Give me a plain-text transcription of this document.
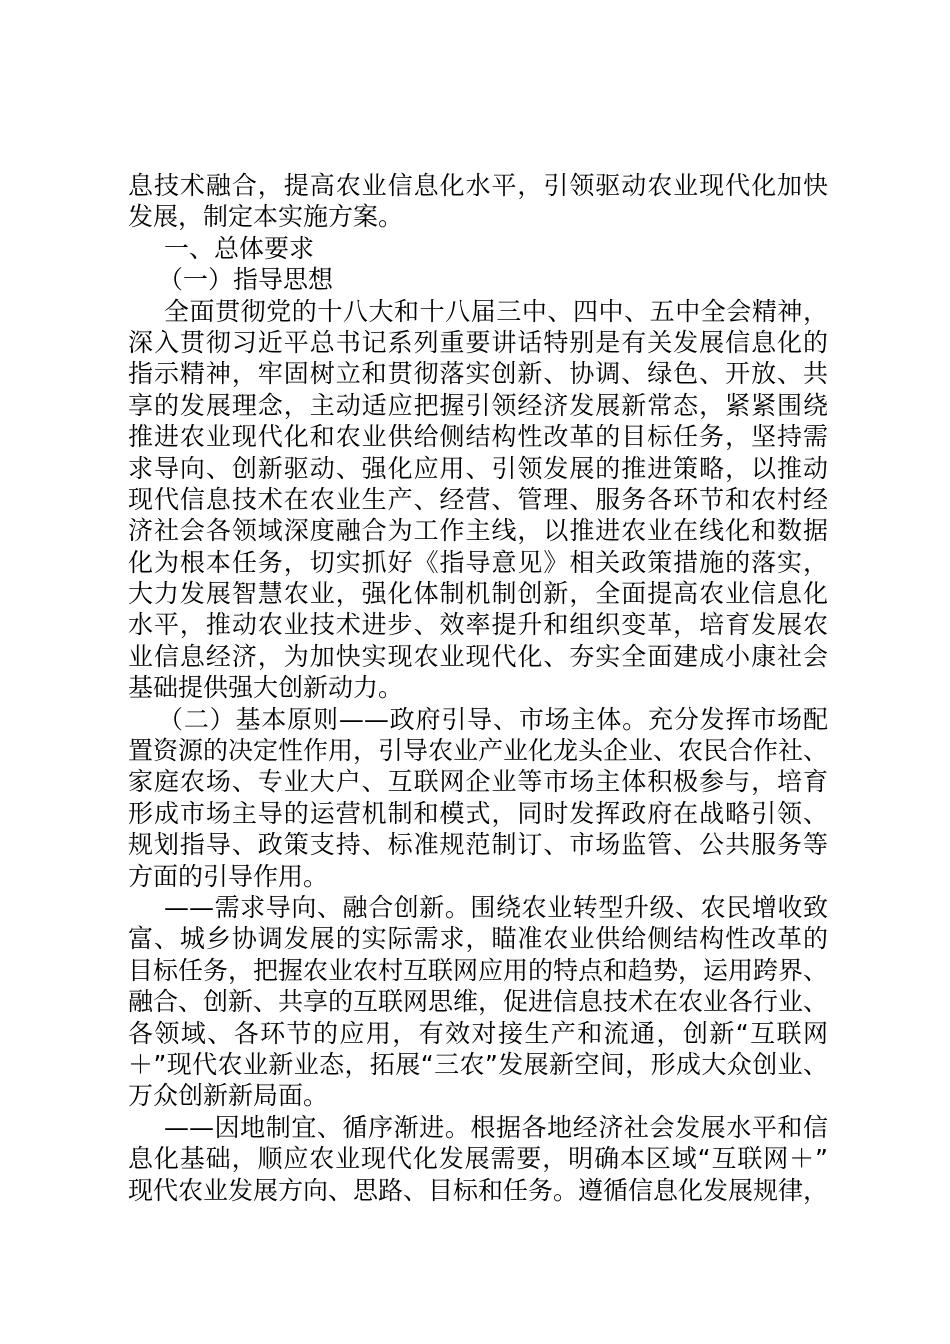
息技术融合，提高农业信息化水平，引领驱动农业现代化加快
发展，制定本实施方案。
一、总体要求
（一）指导思想
全面贯彻党的十八大和十八届三中、四中、五中全会精神，
深入贯彻习近平总书记系列重要讲话特别是有关发展信息化的
指示精神，牢固树立和贯彻落实创新、协调、绿色、开放、共
享的发展理念，主动适应把握引领经济发展新常态，紧紧围绕
推进农业现代化和农业供给侧结构性改革的目标任务，坚持需
求导向、创新驱动、强化应用、引领发展的推进策略，以推动
现代信息技术在农业生产、经营、管理、服务各环节和农村经
济社会各领域深度融合为工作主线，以推进农业在线化和数据
化为根本任务，切实抓好《指导意见》相关政策措施的落实，
大力发展智慧农业，强化体制机制创新，全面提高农业信息化
水平，推动农业技术进步、效率提升和组织变革，培育发展农
业信息经济，为加快实现农业现代化、夯实全面建成小康社会
基础提供强大创新动力。
（二）基本原则——政府引导、市场主体。充分发挥市场配
置资源的决定性作用，引导农业产业化龙头企业、农民合作社、
家庭农场、专业大户、互联网企业等市场主体积极参与，培育
形成市场主导的运营机制和模式，同时发挥政府在战略引领、
规划指导、政策支持、标准规范制订、市场监管、公共服务等
方面的引导作用。
——需求导向、融合创新。围绕农业转型升级、农民增收致
富、城乡协调发展的实际需求，瞄准农业供给侧结构性改革的
目标任务，把握农业农村互联网应用的特点和趋势，运用跨界、
融合、创新、共享的互联网思维，促进信息技术在农业各行业、
各领域、各环节的应用，有效对接生产和流通，创新“互联网
＋”现代农业新业态，拓展“三农”发展新空间，形成大众创业、
万众创新新局面。
——因地制宜、循序渐进。根据各地经济社会发展水平和信
息化基础，顺应农业现代化发展需要，明确本区域“互联网＋”
现代农业发展方向、思路、目标和任务。遵循信息化发展规律，
